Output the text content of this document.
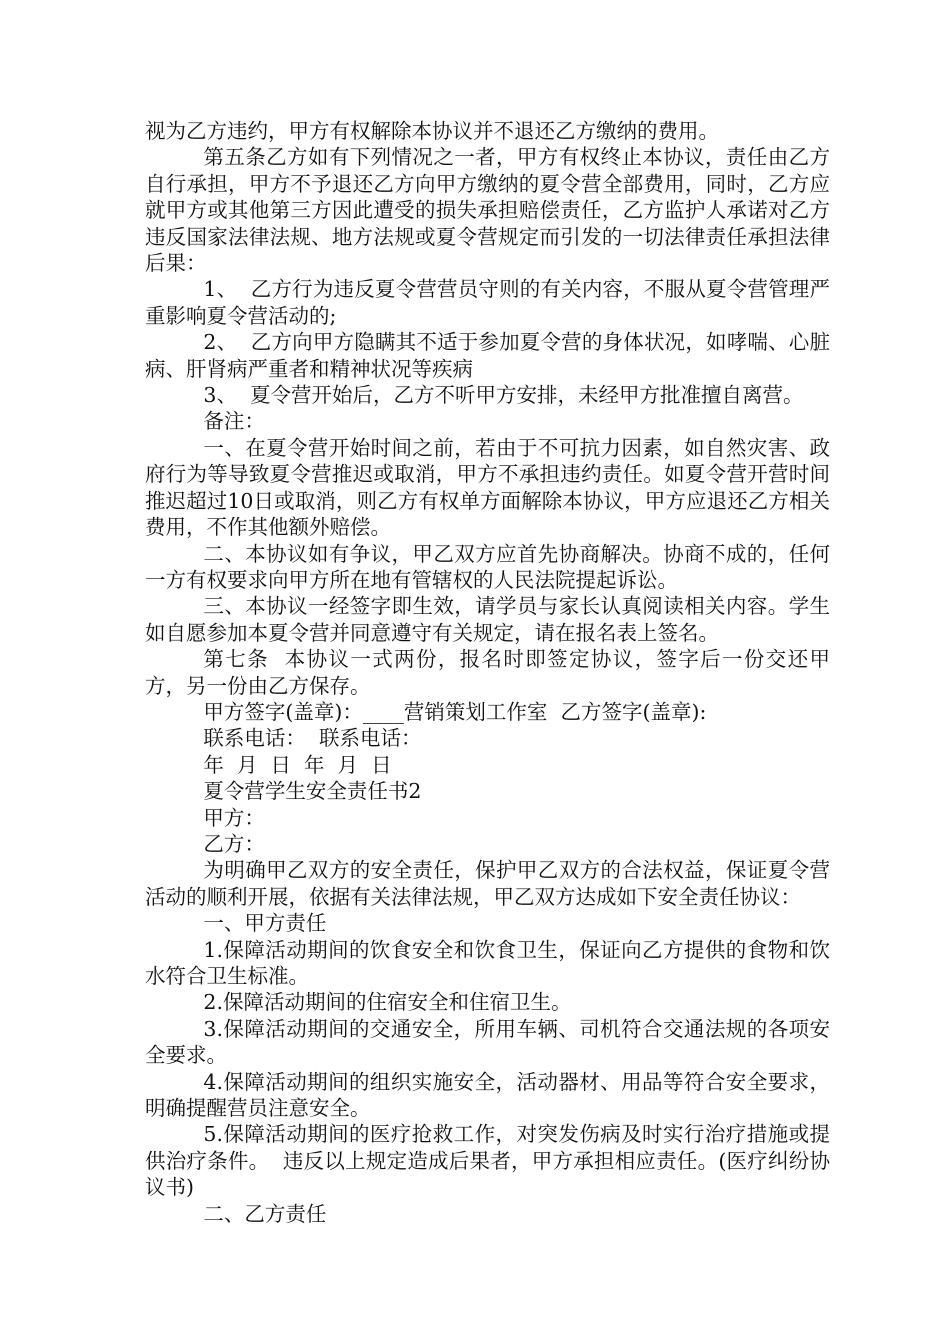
视为乙方违约，甲方有权解除本协议并不退还乙方缴纳的费用。

第五条乙方如有下列情况之一者，甲方有权终止本协议，责任由乙方自行承担，甲方不予退还乙方向甲方缴纳的夏令营全部费用，同时，乙方应就甲方或其他第三方因此遭受的损失承担赔偿责任，乙方监护人承诺对乙方违反国家法律法规、地方法规或夏令营规定而引发的一切法律责任承担法律后果：

1、  乙方行为违反夏令营营员守则的有关内容，不服从夏令营管理严重影响夏令营活动的;

2、  乙方向甲方隐瞒其不适于参加夏令营的身体状况，如哮喘、心脏病、肝肾病严重者和精神状况等疾病

3、  夏令营开始后，乙方不听甲方安排，未经甲方批准擅自离营。

备注：

一、在夏令营开始时间之前，若由于不可抗力因素，如自然灾害、政府行为等导致夏令营推迟或取消，甲方不承担违约责任。如夏令营开营时间推迟超过10日或取消，则乙方有权单方面解除本协议，甲方应退还乙方相关费用，不作其他额外赔偿。

二、本协议如有争议，甲乙双方应首先协商解决。协商不成的，任何一方有权要求向甲方所在地有管辖权的人民法院提起诉讼。

三、本协议一经签字即生效，请学员与家长认真阅读相关内容。学生如自愿参加本夏令营并同意遵守有关规定，请在报名表上签名。

第七条  本协议一式两份，报名时即签定协议，签字后一份交还甲方，另一份由乙方保存。

甲方签字(盖章)：____营销策划工作室  乙方签字(盖章):

联系电话：  联系电话：

年  月  日  年  月  日

夏令营学生安全责任书2

甲方：

乙方：

为明确甲乙双方的安全责任，保护甲乙双方的合法权益，保证夏令营活动的顺利开展，依据有关法律法规，甲乙双方达成如下安全责任协议：

一、甲方责任

1.保障活动期间的饮食安全和饮食卫生，保证向乙方提供的食物和饮水符合卫生标准。

2.保障活动期间的住宿安全和住宿卫生。

3.保障活动期间的交通安全，所用车辆、司机符合交通法规的各项安全要求。

4.保障活动期间的组织实施安全，活动器材、用品等符合安全要求，明确提醒营员注意安全。

5.保障活动期间的医疗抢救工作，对突发伤病及时实行治疗措施或提供治疗条件。  违反以上规定造成后果者，甲方承担相应责任。(医疗纠纷协议书)

二、乙方责任
